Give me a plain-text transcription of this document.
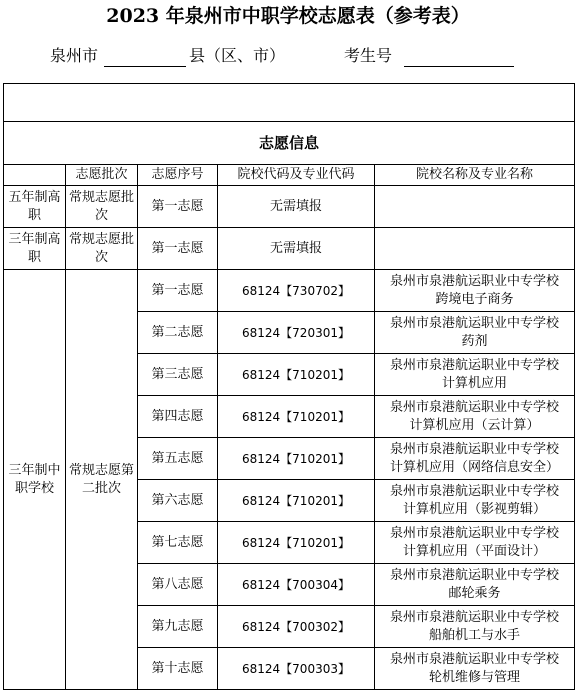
2023 年泉州市中职学校志愿表（参考表）
泉州市	县（区、市）	考生号

志愿信息				
	志愿批次	志愿序号	院校代码及专业代码	院校名称及专业名称
五年制高职	常规志愿批次	第一志愿	无需填报	
三年制高职	常规志愿批次	第一志愿	无需填报	
三年制中职学校	常规志愿第二批次	第一志愿	68124【730702】	泉州市泉港航运职业中专学校
跨境电子商务

		第二志愿	68124【720301】	泉州市泉港航运职业中专学校
药剂

		第三志愿	68124【710201】	泉州市泉港航运职业中专学校
计算机应用

		第四志愿	68124【710201】	泉州市泉港航运职业中专学校
计算机应用（云计算）

		第五志愿	68124【710201】	泉州市泉港航运职业中专学校
计算机应用（网络信息安全）

		第六志愿	68124【710201】	泉州市泉港航运职业中专学校
计算机应用（影视剪辑）

		第七志愿	68124【710201】	泉州市泉港航运职业中专学校
计算机应用（平面设计）

		第八志愿	68124【700304】	泉州市泉港航运职业中专学校
邮轮乘务

		第九志愿	68124【700302】	泉州市泉港航运职业中专学校
船舶机工与水手

		第十志愿	68124【700303】	泉州市泉港航运职业中专学校
轮机维修与管理
